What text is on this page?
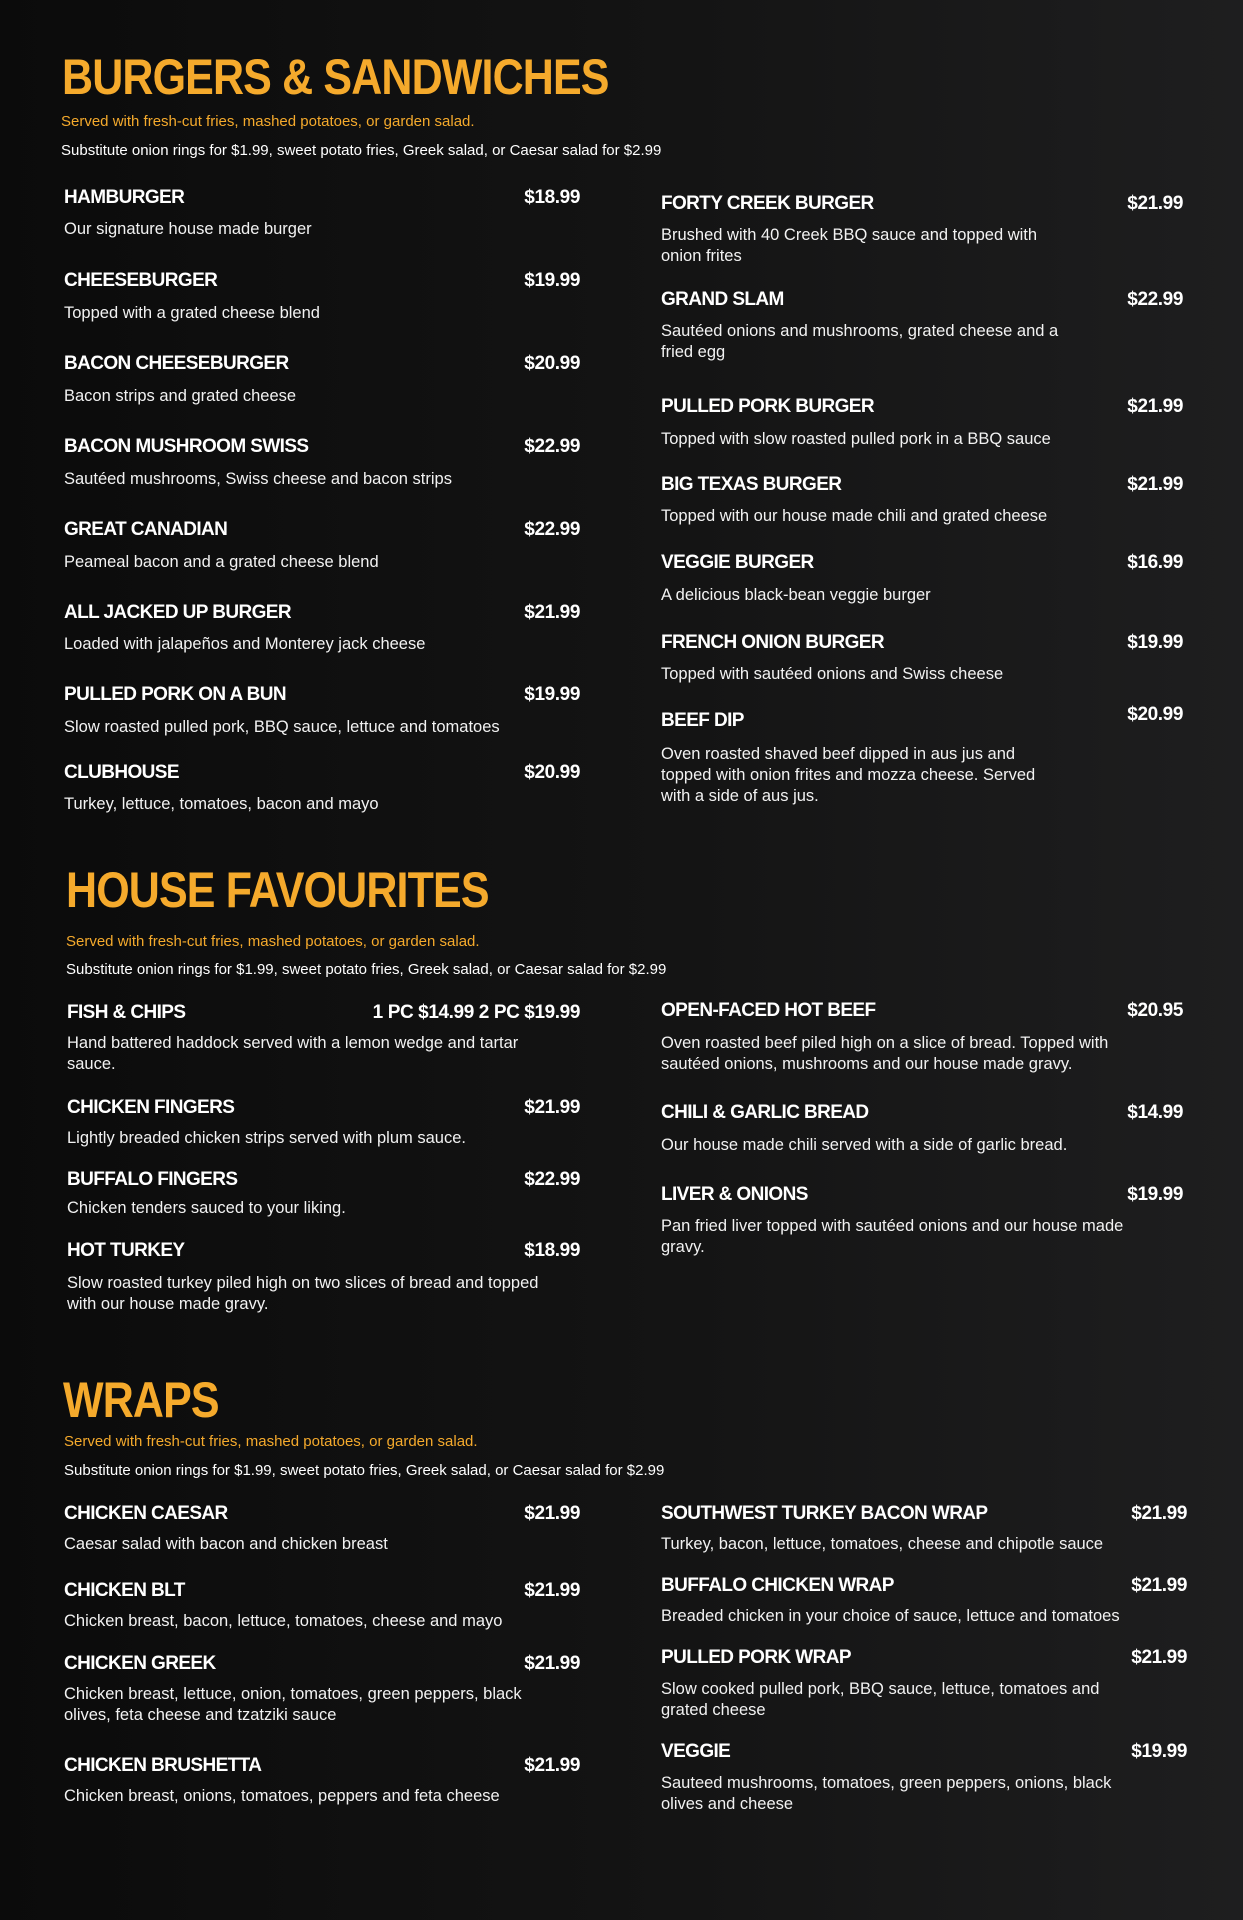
BURGERS & SANDWICHES
Served with fresh-cut fries, mashed potatoes, or garden salad.
Substitute onion rings for $1.99, sweet potato fries, Greek salad, or Caesar salad for $2.99
HAMBURGER	$18.99
Our signature house made burger
CHEESEBURGER	$19.99
Topped with a grated cheese blend
BACON CHEESEBURGER	$20.99
Bacon strips and grated cheese
BACON MUSHROOM SWISS	$22.99
Sautéed mushrooms, Swiss cheese and bacon strips
GREAT CANADIAN	$22.99
Peameal bacon and a grated cheese blend
ALL JACKED UP BURGER	$21.99
Loaded with jalapeños and Monterey jack cheese
PULLED PORK ON A BUN	$19.99
Slow roasted pulled pork, BBQ sauce, lettuce and tomatoes
CLUBHOUSE	$20.99
Turkey, lettuce, tomatoes, bacon and mayo
FORTY CREEK BURGER	$21.99
Brushed with 40 Creek BBQ sauce and topped with onion frites
GRAND SLAM	$22.99
Sautéed onions and mushrooms, grated cheese and a fried egg
PULLED PORK BURGER	$21.99
Topped with slow roasted pulled pork in a BBQ sauce
BIG TEXAS BURGER	$21.99
Topped with our house made chili and grated cheese
VEGGIE BURGER	$16.99
A delicious black-bean veggie burger
FRENCH ONION BURGER	$19.99
Topped with sautéed onions and Swiss cheese
BEEF DIP	$20.99
Oven roasted shaved beef dipped in aus jus and topped with onion frites and mozza cheese. Served with a side of aus jus.
HOUSE FAVOURITES
Served with fresh-cut fries, mashed potatoes, or garden salad.
Substitute onion rings for $1.99, sweet potato fries, Greek salad, or Caesar salad for $2.99
FISH & CHIPS	1 PC $14.99 2 PC $19.99
Hand battered haddock served with a lemon wedge and tartar sauce.
CHICKEN FINGERS	$21.99
Lightly breaded chicken strips served with plum sauce.
BUFFALO FINGERS	$22.99
Chicken tenders sauced to your liking.
HOT TURKEY	$18.99
Slow roasted turkey piled high on two slices of bread and topped with our house made gravy.
OPEN-FACED HOT BEEF	$20.95
Oven roasted beef piled high on a slice of bread. Topped with sautéed onions, mushrooms and our house made gravy.
CHILI & GARLIC BREAD	$14.99
Our house made chili served with a side of garlic bread.
LIVER & ONIONS	$19.99
Pan fried liver topped with sautéed onions and our house made gravy.
WRAPS
Served with fresh-cut fries, mashed potatoes, or garden salad.
Substitute onion rings for $1.99, sweet potato fries, Greek salad, or Caesar salad for $2.99
CHICKEN CAESAR	$21.99
Caesar salad with bacon and chicken breast
CHICKEN BLT	$21.99
Chicken breast, bacon, lettuce, tomatoes, cheese and mayo
CHICKEN GREEK	$21.99
Chicken breast, lettuce, onion, tomatoes, green peppers, black olives, feta cheese and tzatziki sauce
CHICKEN BRUSHETTA	$21.99
Chicken breast, onions, tomatoes, peppers and feta cheese
SOUTHWEST TURKEY BACON WRAP	$21.99
Turkey, bacon, lettuce, tomatoes, cheese and chipotle sauce
BUFFALO CHICKEN WRAP	$21.99
Breaded chicken in your choice of sauce, lettuce and tomatoes
PULLED PORK WRAP	$21.99
Slow cooked pulled pork, BBQ sauce, lettuce, tomatoes and grated cheese
VEGGIE	$19.99
Sauteed mushrooms, tomatoes, green peppers, onions, black olives and cheese
